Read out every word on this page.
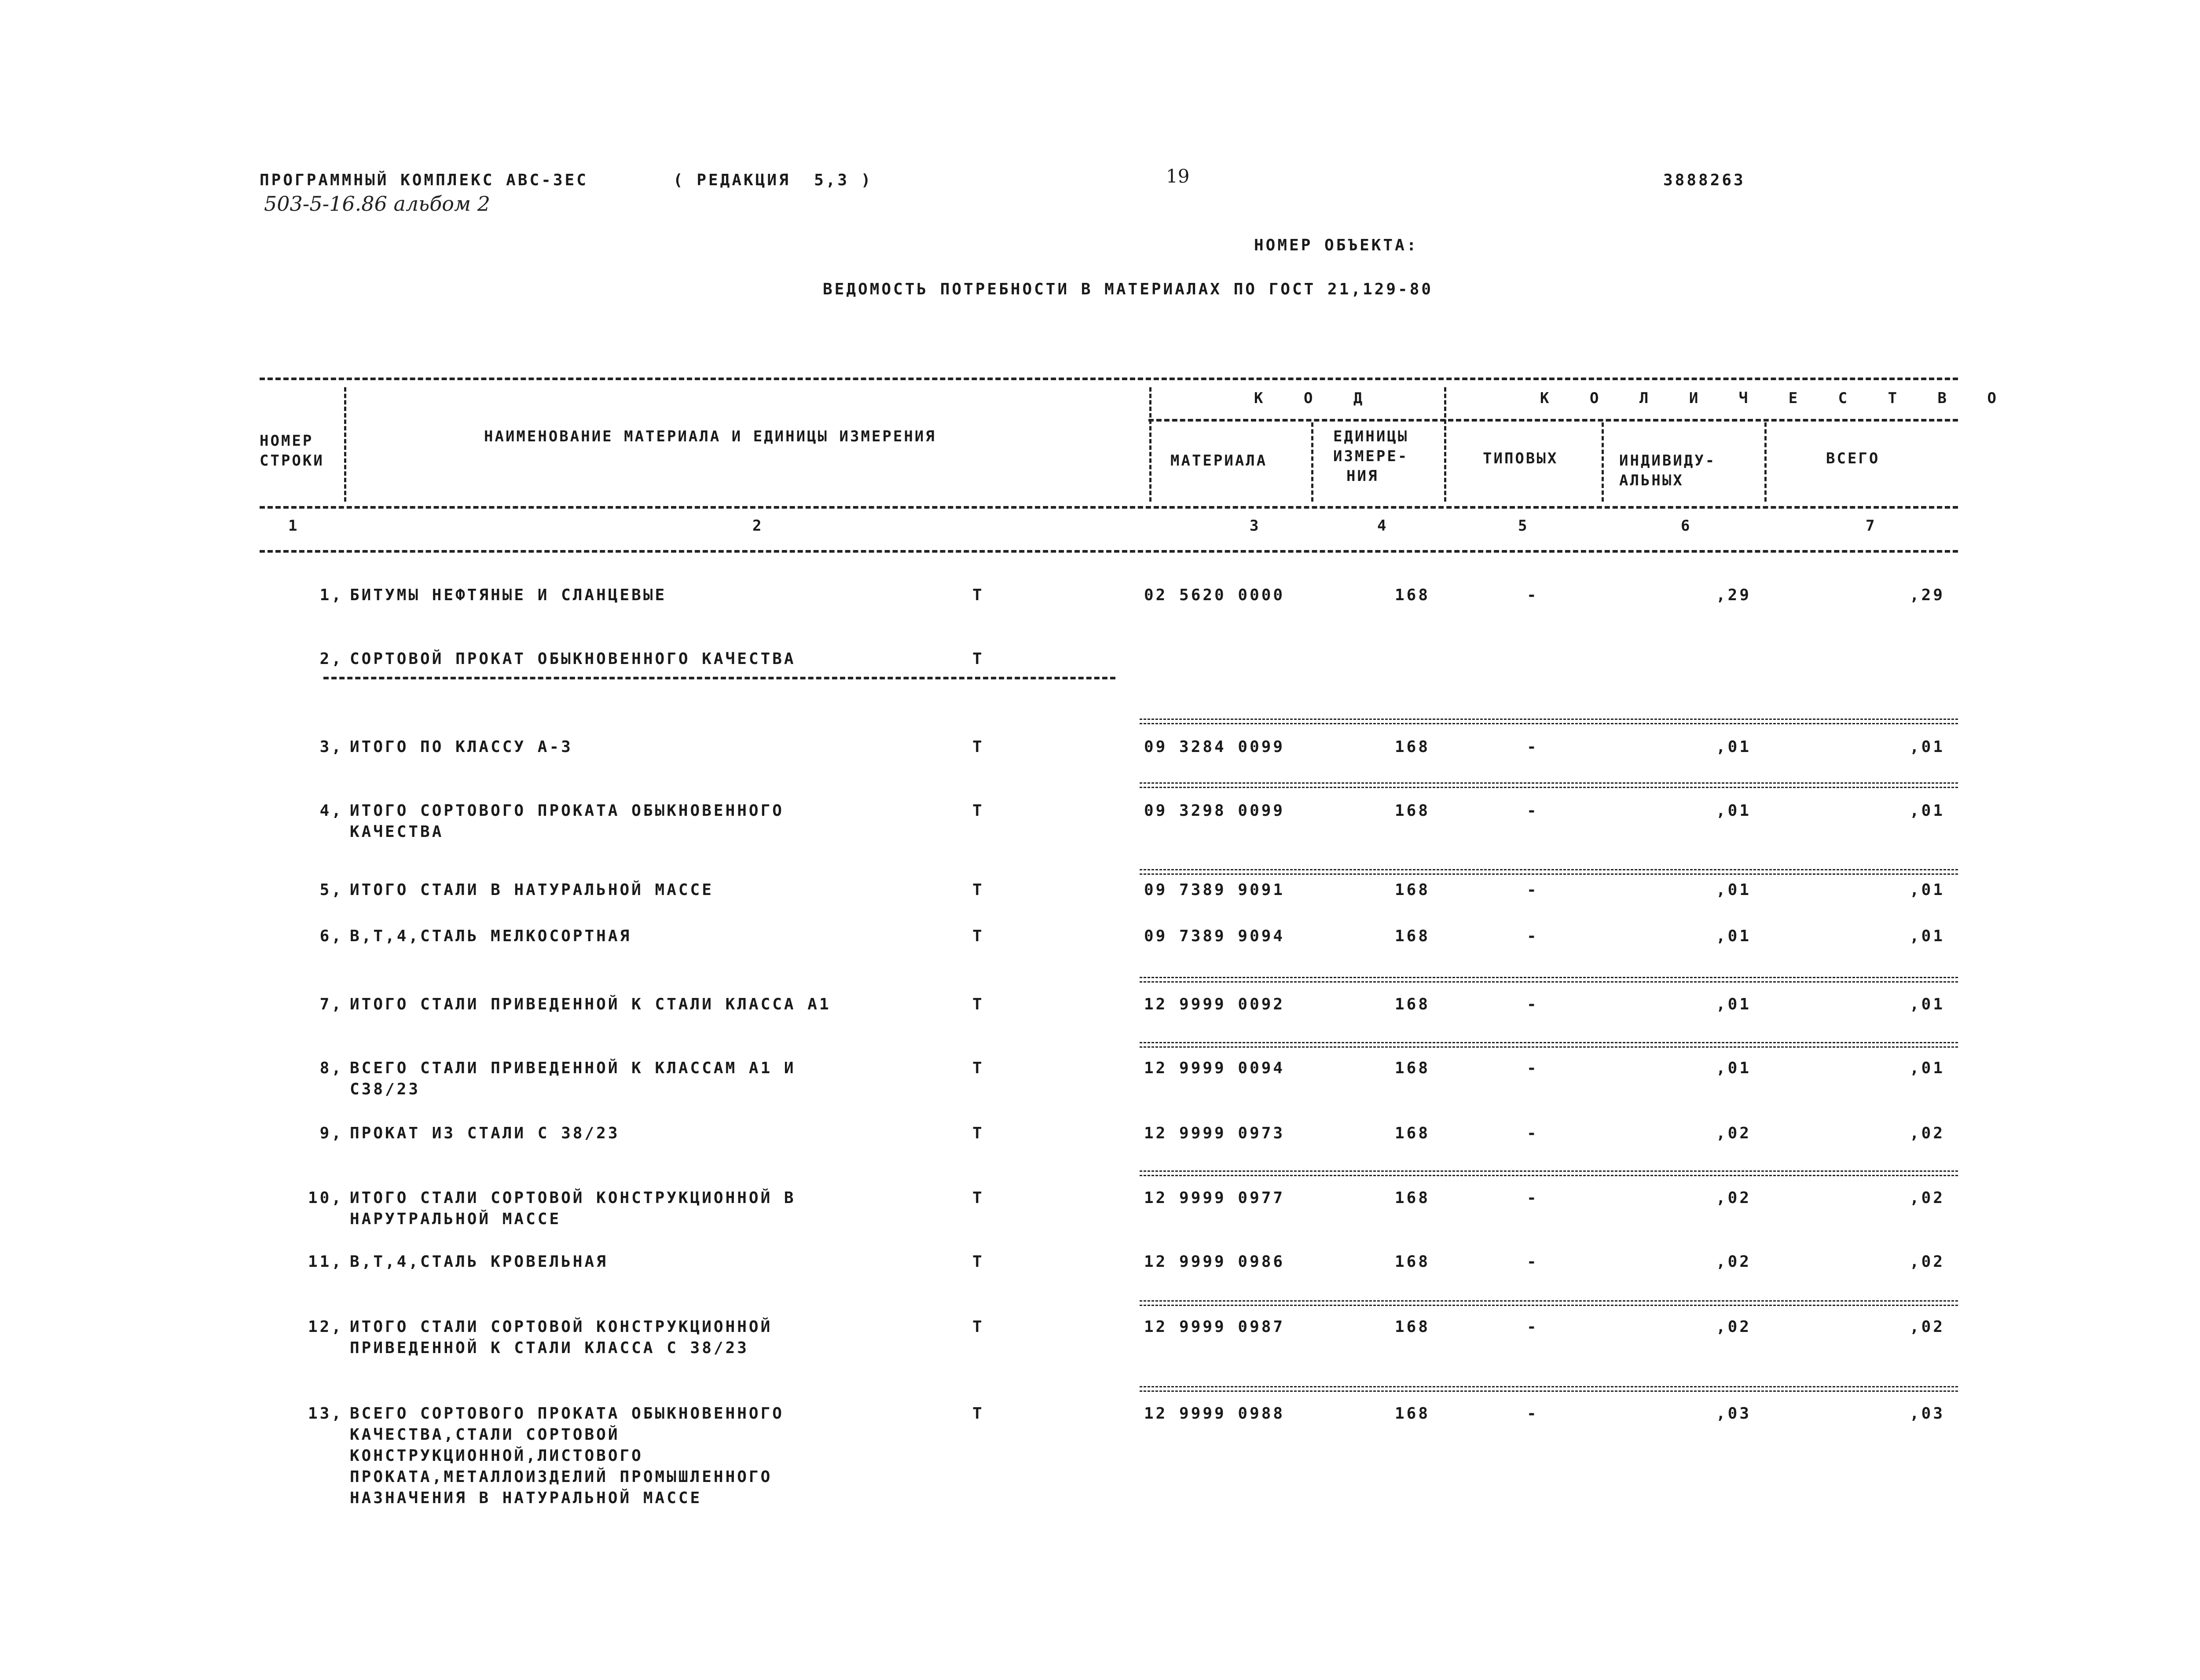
ПРОГРАММНЫЙ КОМПЛЕКС АВС-3ЕС	( РЕДАКЦИЯ  5,3 )	19	3888263
503-5-16.86 альбом 2
НОМЕР ОБЪЕКТА:
ВЕДОМОСТЬ ПОТРЕБНОСТИ В МАТЕРИАЛАХ ПО ГОСТ 21,129-80
НОМЕР
СТРОКИ
НАИМЕНОВАНИЕ МАТЕРИАЛА И ЕДИНИЦЫ ИЗМЕРЕНИЯ
К О Д	К О Л И Ч Е С Т В О
МАТЕРИАЛА
ЕДИНИЦЫ
ИЗМЕРЕ-
НИЯ
ТИПОВЫХ	ИНДИВИДУ-
АЛЬНЫХ
ВСЕГО
1	2	3	4	5	6	7
1, БИТУМЫ НЕФТЯНЫЕ И СЛАНЦЕВЫЕ	Т	02 5620 0000	168	-	,29	,29
2, СОРТОВОЙ ПРОКАТ ОБЫКНОВЕННОГО КАЧЕСТВА	Т
3, ИТОГО ПО КЛАССУ А-3	Т	09 3284 0099	168	-	,01	,01
4, ИТОГО СОРТОВОГО ПРОКАТА ОБЫКНОВЕННОГО
КАЧЕСТВА
Т	09 3298 0099	168	-	,01	,01
5, ИТОГО СТАЛИ В НАТУРАЛЬНОЙ МАССЕ	Т	09 7389 9091	168	-	,01	,01
6, В,Т,4,СТАЛЬ МЕЛКОСОРТНАЯ	Т	09 7389 9094	168	-	,01	,01
7, ИТОГО СТАЛИ ПРИВЕДЕННОЙ К СТАЛИ КЛАССА А1	Т	12 9999 0092	168	-	,01	,01
8, ВСЕГО СТАЛИ ПРИВЕДЕННОЙ К КЛАССАМ А1 И
С38/23
Т	12 9999 0094	168	-	,01	,01
9, ПРОКАТ ИЗ СТАЛИ С 38/23	Т	12 9999 0973	168	-	,02	,02
10, ИТОГО СТАЛИ СОРТОВОЙ КОНСТРУКЦИОННОЙ В
НАРУТРАЛЬНОЙ МАССЕ
Т	12 9999 0977	168	-	,02	,02
11, В,Т,4,СТАЛЬ КРОВЕЛЬНАЯ	Т	12 9999 0986	168	-	,02	,02
12, ИТОГО СТАЛИ СОРТОВОЙ КОНСТРУКЦИОННОЙ
ПРИВЕДЕННОЙ К СТАЛИ КЛАССА С 38/23
Т	12 9999 0987	168	-	,02	,02
13, ВСЕГО СОРТОВОГО ПРОКАТА ОБЫКНОВЕННОГО
КАЧЕСТВА,СТАЛИ СОРТОВОЙ
КОНСТРУКЦИОННОЙ,ЛИСТОВОГО
ПРОКАТА,МЕТАЛЛОИЗДЕЛИЙ ПРОМЫШЛЕННОГО
НАЗНАЧЕНИЯ В НАТУРАЛЬНОЙ МАССЕ
Т	12 9999 0988	168	-	,03	,03
